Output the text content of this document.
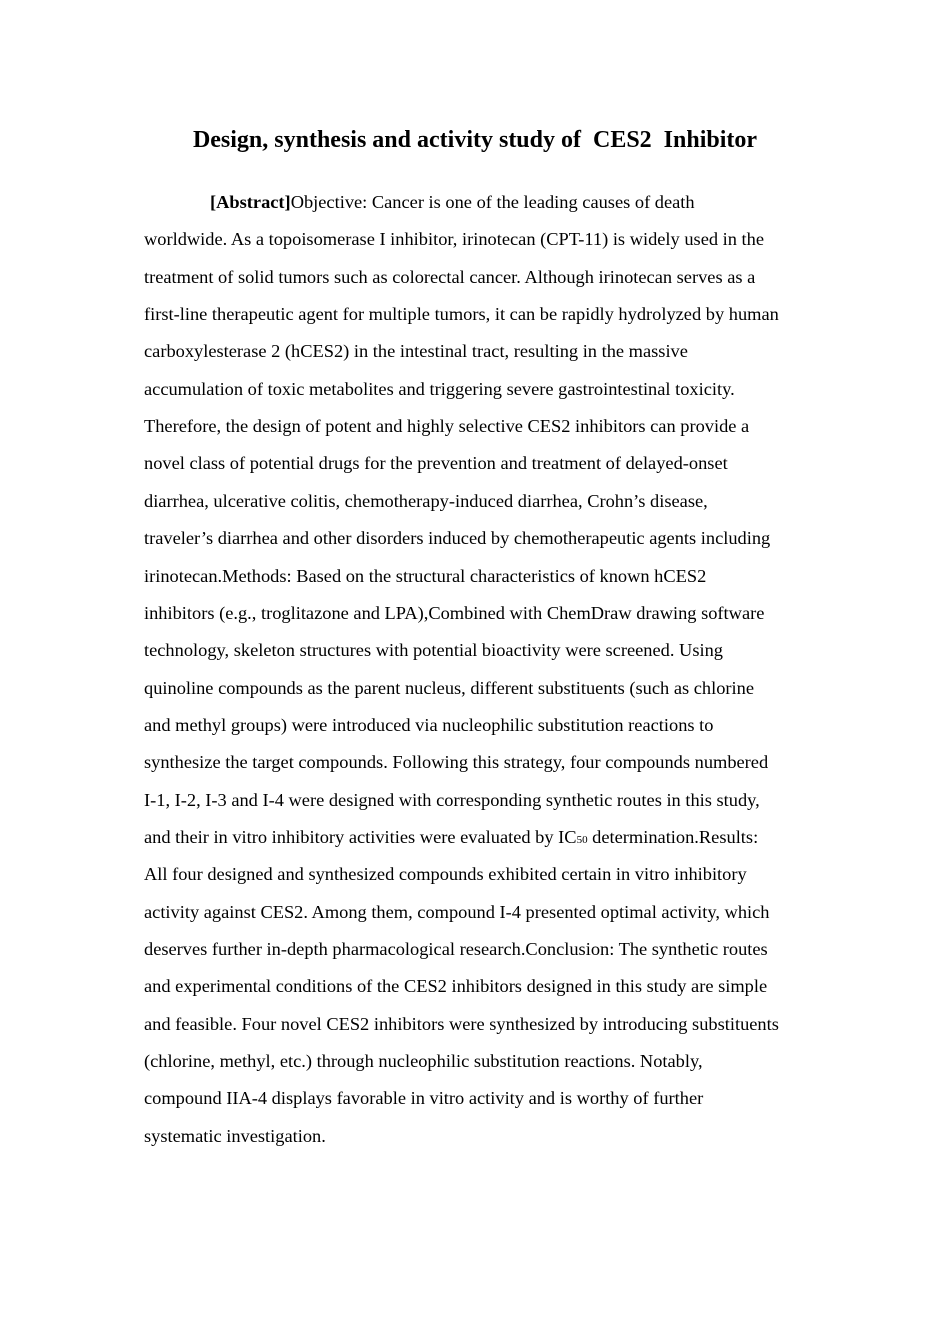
Design, synthesis and activity study of  CES2  Inhibitor
[Abstract]Objective: Cancer is one of the leading causes of death
worldwide. As a topoisomerase I inhibitor, irinotecan (CPT-11) is widely used in the
treatment of solid tumors such as colorectal cancer. Although irinotecan serves as a
first-line therapeutic agent for multiple tumors, it can be rapidly hydrolyzed by human
carboxylesterase 2 (hCES2) in the intestinal tract, resulting in the massive
accumulation of toxic metabolites and triggering severe gastrointestinal toxicity.
Therefore, the design of potent and highly selective CES2 inhibitors can provide a
novel class of potential drugs for the prevention and treatment of delayed-onset
diarrhea, ulcerative colitis, chemotherapy-induced diarrhea, Crohn’s disease,
traveler’s diarrhea and other disorders induced by chemotherapeutic agents including
irinotecan.Methods: Based on the structural characteristics of known hCES2
inhibitors (e.g., troglitazone and LPA),Combined with ChemDraw drawing software
technology, skeleton structures with potential bioactivity were screened. Using
quinoline compounds as the parent nucleus, different substituents (such as chlorine
and methyl groups) were introduced via nucleophilic substitution reactions to
synthesize the target compounds. Following this strategy, four compounds numbered
I-1, I-2, I-3 and I-4 were designed with corresponding synthetic routes in this study,
and their in vitro inhibitory activities were evaluated by IC50 determination.Results:
All four designed and synthesized compounds exhibited certain in vitro inhibitory
activity against CES2. Among them, compound I-4 presented optimal activity, which
deserves further in-depth pharmacological research.Conclusion: The synthetic routes
and experimental conditions of the CES2 inhibitors designed in this study are simple
and feasible. Four novel CES2 inhibitors were synthesized by introducing substituents
(chlorine, methyl, etc.) through nucleophilic substitution reactions. Notably,
compound IIA-4 displays favorable in vitro activity and is worthy of further
systematic investigation.
